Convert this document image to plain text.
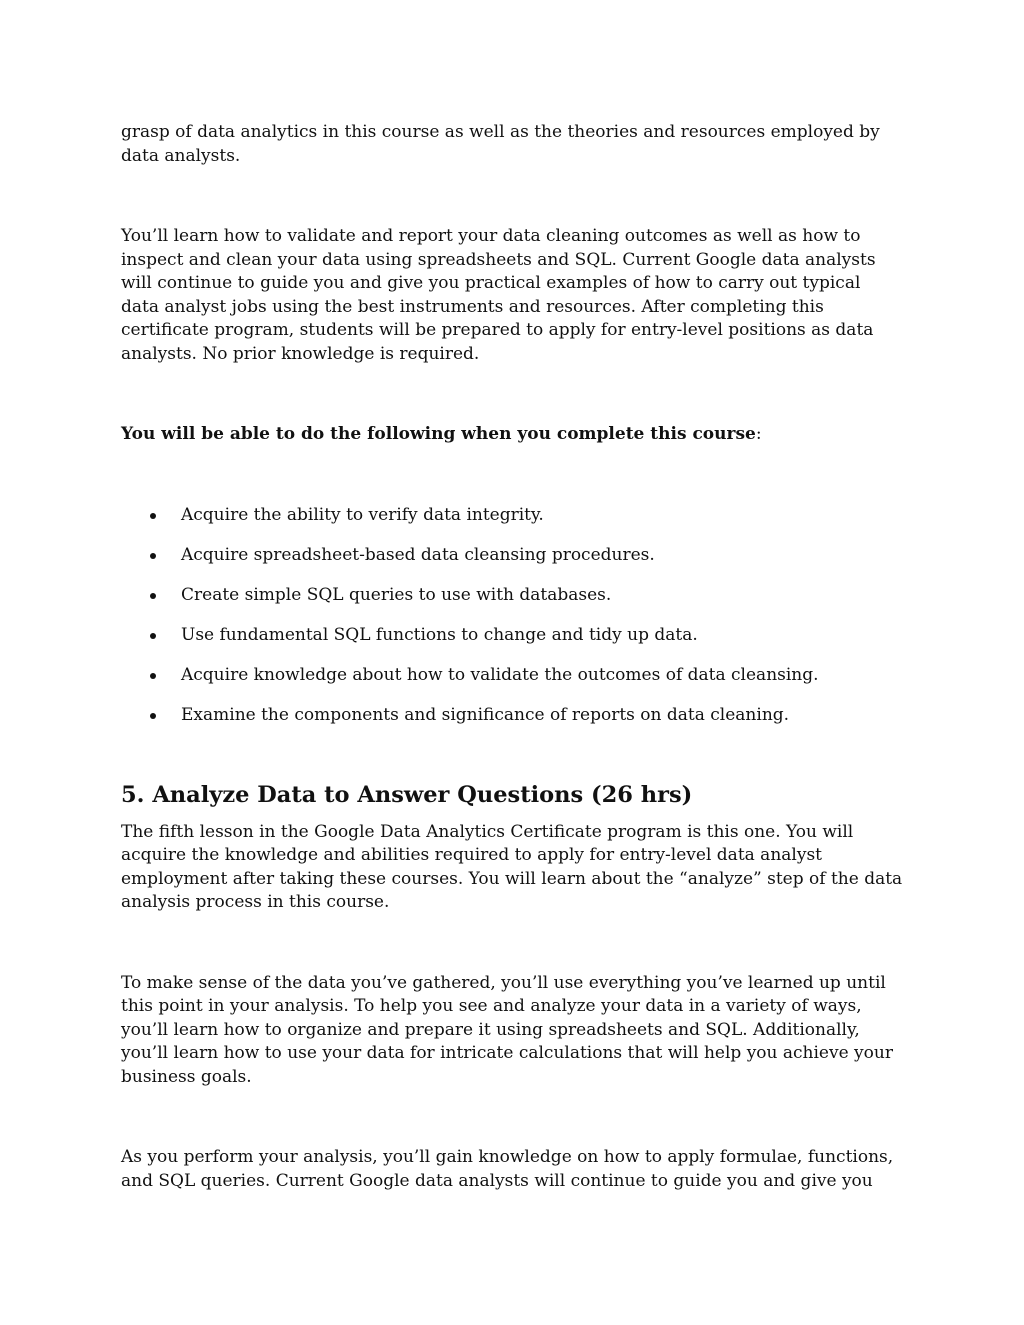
grasp of data analytics in this course as well as the theories and resources employed by data analysts.

You’ll learn how to validate and report your data cleaning outcomes as well as how to inspect and clean your data using spreadsheets and SQL. Current Google data analysts will continue to guide you and give you practical examples of how to carry out typical data analyst jobs using the best instruments and resources. After completing this certificate program, students will be prepared to apply for entry-level positions as data analysts. No prior knowledge is required.

You will be able to do the following when you complete this course:

Acquire the ability to verify data integrity.
Acquire spreadsheet-based data cleansing procedures.
Create simple SQL queries to use with databases.
Use fundamental SQL functions to change and tidy up data.
Acquire knowledge about how to validate the outcomes of data cleansing.
Examine the components and significance of reports on data cleaning.
5. Analyze Data to Answer Questions (26 hrs)

The fifth lesson in the Google Data Analytics Certificate program is this one. You will acquire the knowledge and abilities required to apply for entry-level data analyst employment after taking these courses. You will learn about the “analyze” step of the data analysis process in this course.

To make sense of the data you’ve gathered, you’ll use everything you’ve learned up until this point in your analysis. To help you see and analyze your data in a variety of ways, you’ll learn how to organize and prepare it using spreadsheets and SQL. Additionally, you’ll learn how to use your data for intricate calculations that will help you achieve your business goals.

As you perform your analysis, you’ll gain knowledge on how to apply formulae, functions, and SQL queries. Current Google data analysts will continue to guide you and give you
